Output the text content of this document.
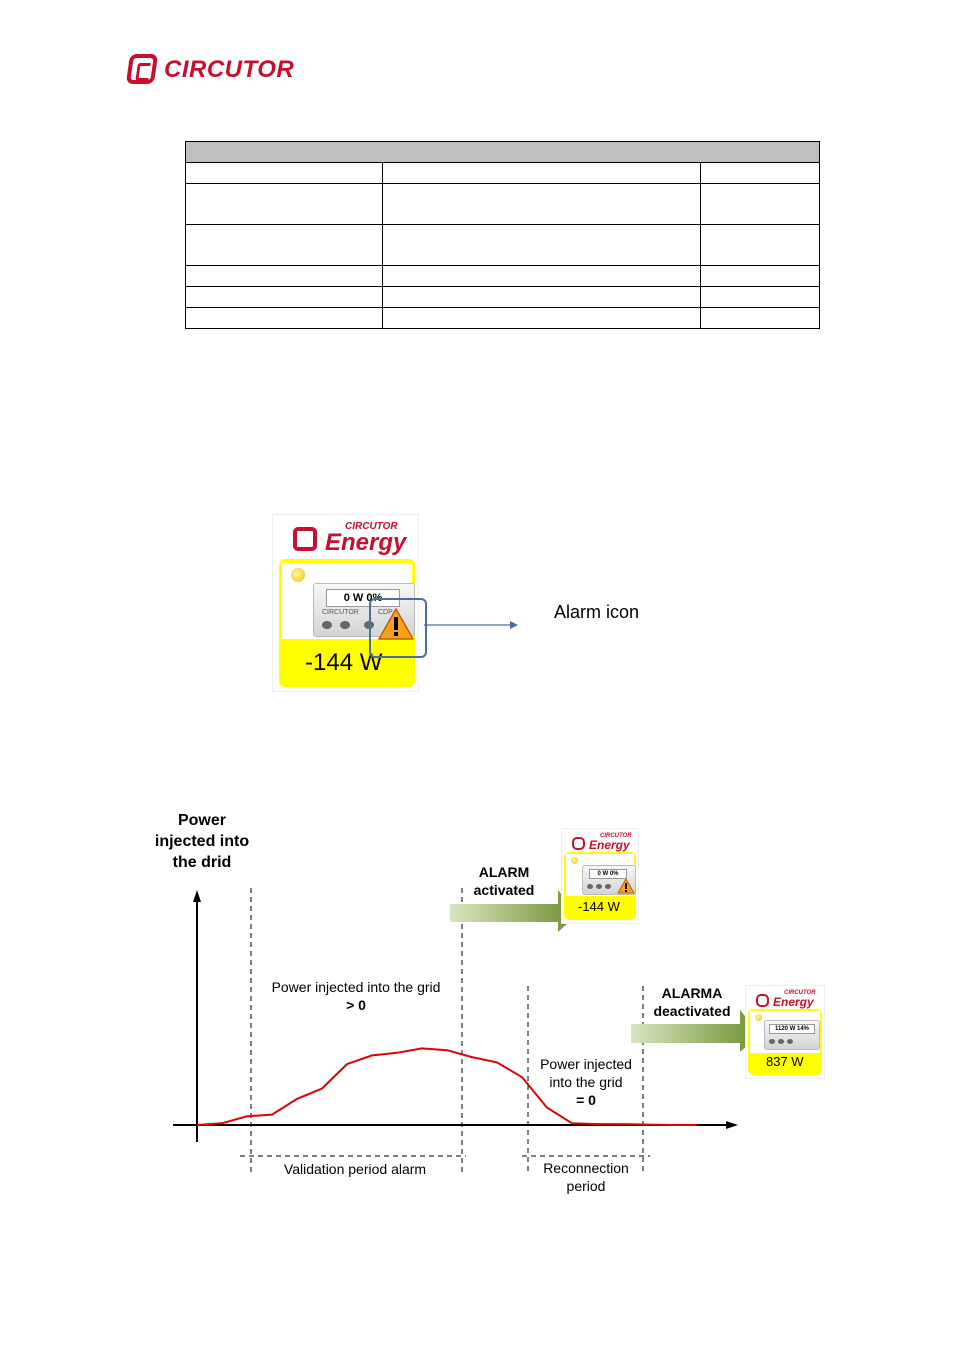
CIRCUTOR

CIRCUTOR
Energy
0 W 0%
CIRCUTOR	CDP
-144 W
Alarm icon
Power
injected into
the drid
Power injected into the grid
> 0
Power injected
into the grid
= 0
Validation period alarm	Reconnection
period
ALARM
activated
ALARMA
deactivated
CIRCUTOR
Energy
0 W 0%
-144 W
CIRCUTOR
Energy
1120 W 14%
837 W
